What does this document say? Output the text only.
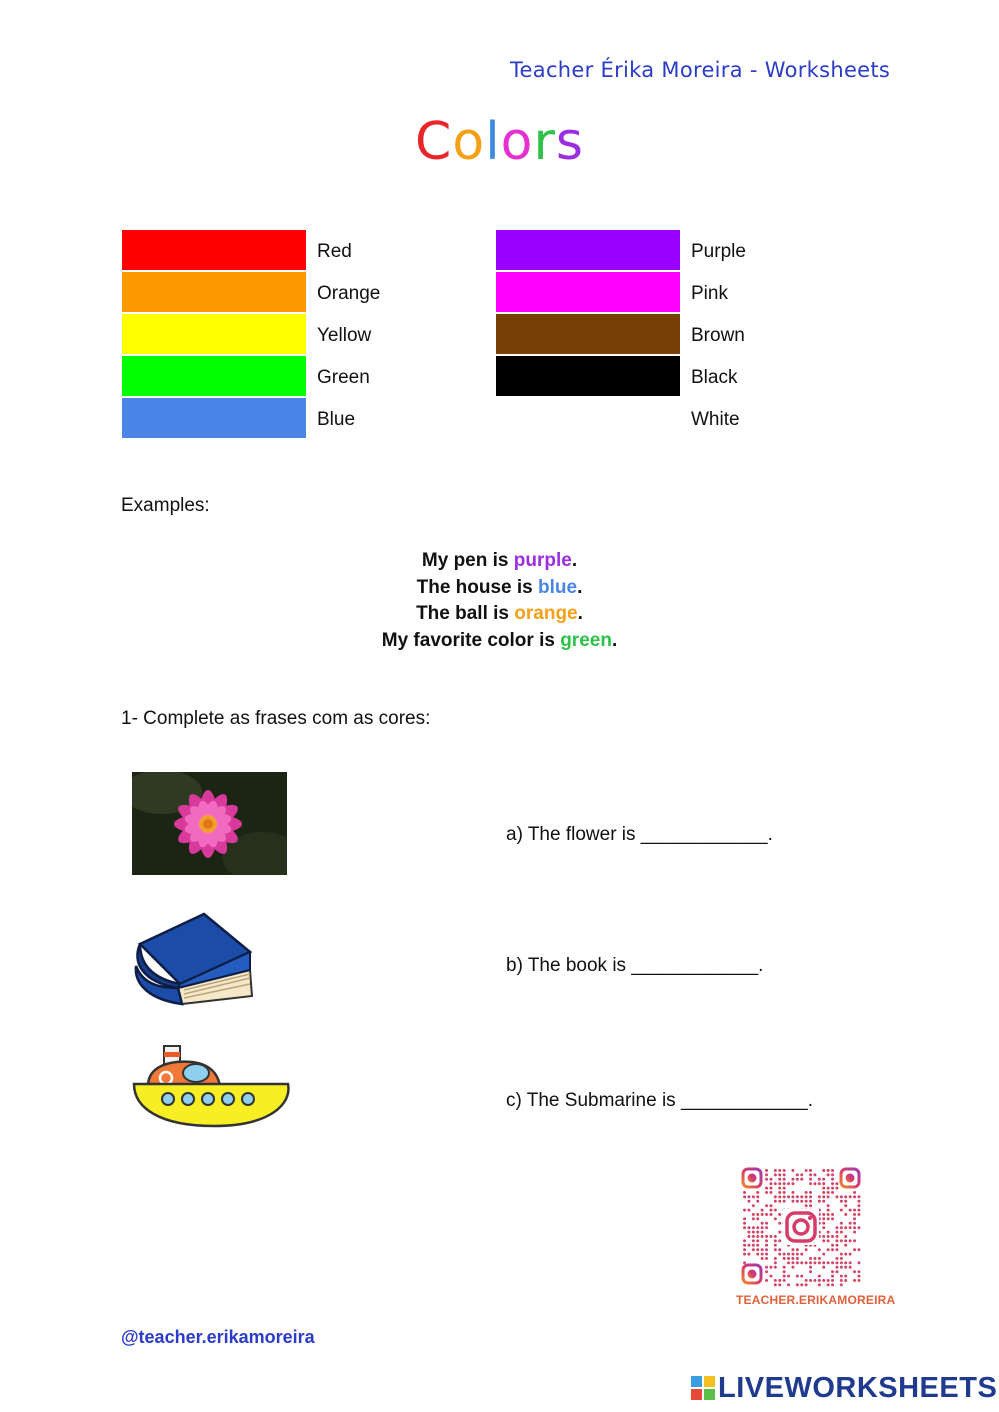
Teacher Érika Moreira - Worksheets
Colors
Red
Orange
Yellow
Green
Blue
Purple
Pink
Brown
Black
White
Examples:
My pen is purple.
The house is blue.
The ball is orange.
My favorite color is green.
1- Complete as frases com as cores:
a) The flower is ____________.
b) The book is ____________.
c) The Submarine is ____________.
TEACHER.ERIKAMOREIRA
@teacher.erikamoreira
LIVEWORKSHEETS
